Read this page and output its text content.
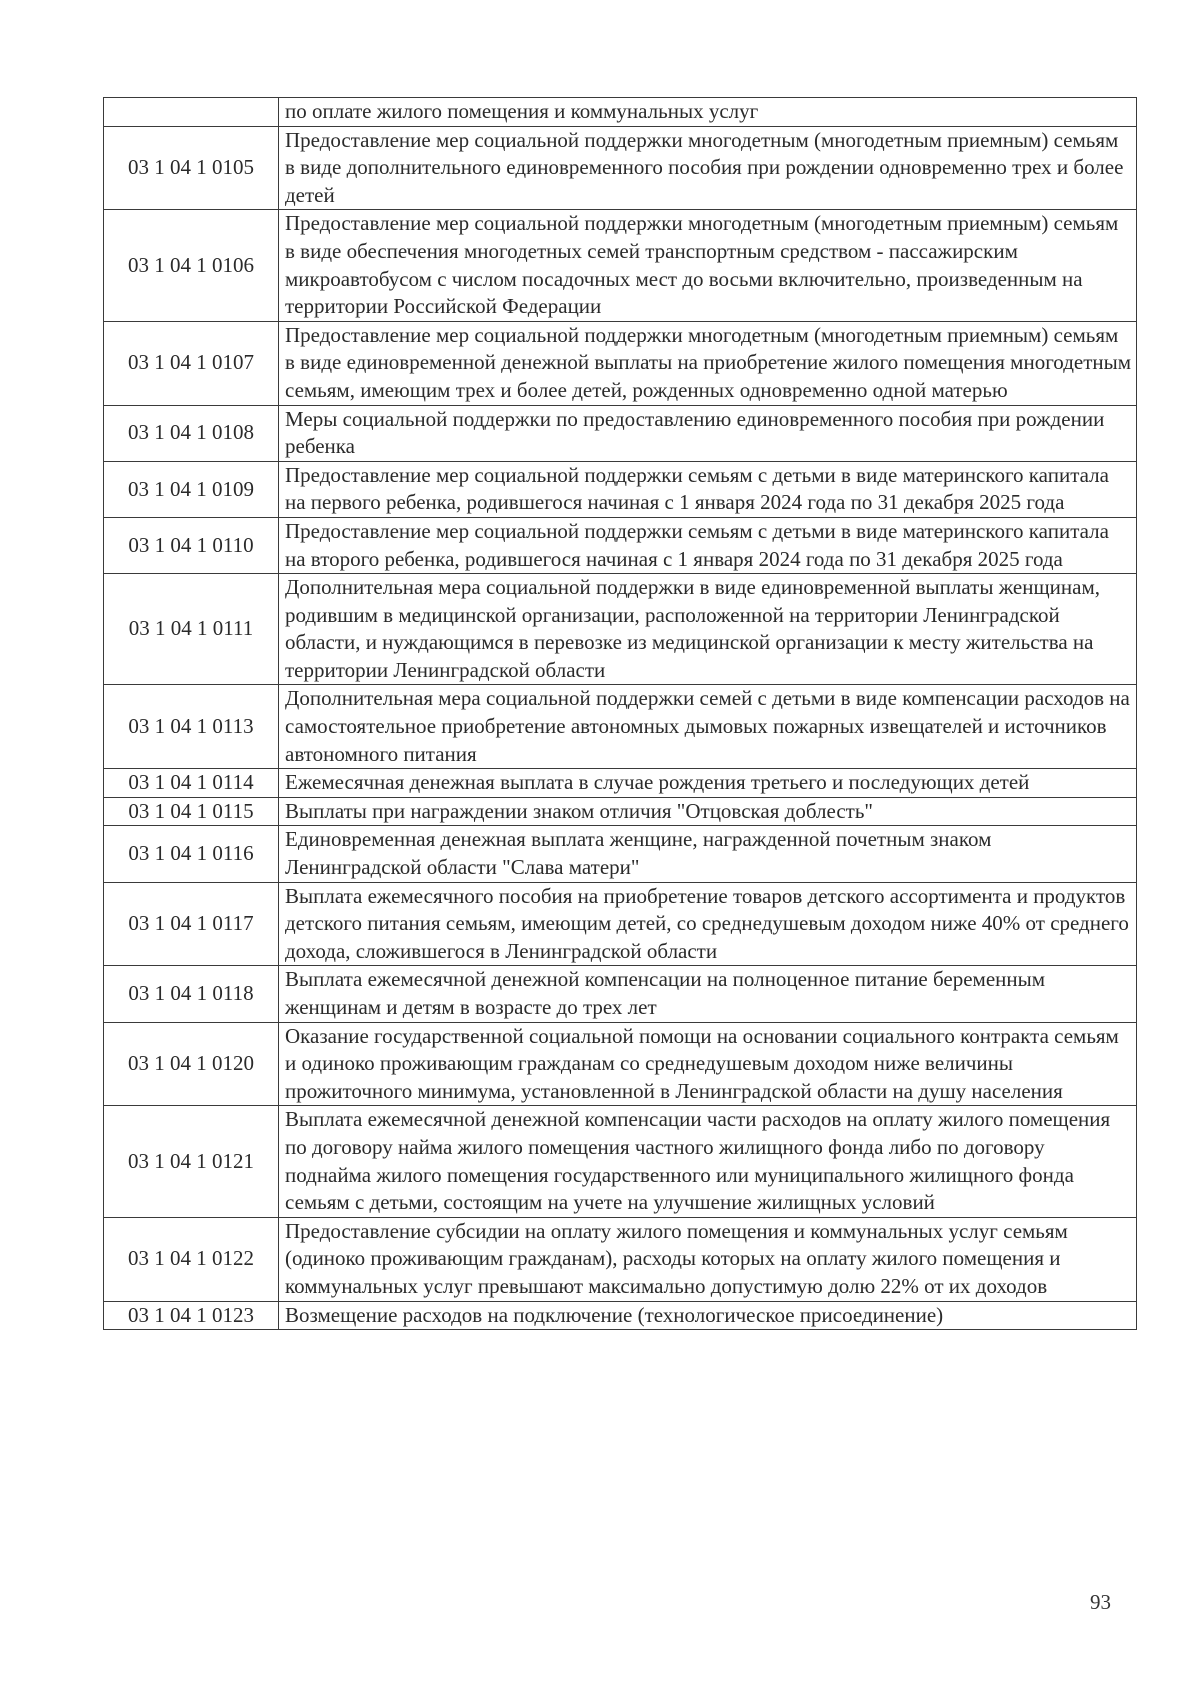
	по оплате жилого помещения и коммунальных услуг
03 1 04 1 0105	Предоставление мер социальной поддержки многодетным (многодетным приемным) семьям в виде дополнительного единовременного пособия при рождении одновременно трех и более детей
03 1 04 1 0106	Предоставление мер социальной поддержки многодетным (многодетным приемным) семьям в виде обеспечения многодетных семей транспортным средством - пассажирским микроавтобусом с числом посадочных мест до восьми включительно, произведенным на территории Российской Федерации
03 1 04 1 0107	Предоставление мер социальной поддержки многодетным (многодетным приемным) семьям в виде единовременной денежной выплаты на приобретение жилого помещения многодетным семьям, имеющим трех и более детей, рожденных одновременно одной матерью
03 1 04 1 0108	Меры социальной поддержки по предоставлению единовременного пособия при рождении ребенка
03 1 04 1 0109	Предоставление мер социальной поддержки семьям с детьми в виде материнского капитала на первого ребенка, родившегося начиная с 1 января 2024 года по 31 декабря 2025 года
03 1 04 1 0110	Предоставление мер социальной поддержки семьям с детьми в виде материнского капитала на второго ребенка, родившегося начиная с 1 января 2024 года по 31 декабря 2025 года
03 1 04 1 0111	Дополнительная мера социальной поддержки в виде единовременной выплаты женщинам, родившим в медицинской организации, расположенной на территории Ленинградской области, и нуждающимся в перевозке из медицинской организации к месту жительства на территории Ленинградской области
03 1 04 1 0113	Дополнительная мера социальной поддержки семей с детьми в виде компенсации расходов на самостоятельное приобретение автономных дымовых пожарных извещателей и источников автономного питания
03 1 04 1 0114	Ежемесячная денежная выплата в случае рождения третьего и последующих детей
03 1 04 1 0115	Выплаты при награждении знаком отличия "Отцовская доблесть"
03 1 04 1 0116	Единовременная денежная выплата женщине, награжденной почетным знаком Ленинградской области "Слава матери"
03 1 04 1 0117	Выплата ежемесячного пособия на приобретение товаров детского ассортимента и продуктов детского питания семьям, имеющим детей, со среднедушевым доходом ниже 40% от среднего дохода, сложившегося в Ленинградской области
03 1 04 1 0118	Выплата ежемесячной денежной компенсации на полноценное питание беременным женщинам и детям в возрасте до трех лет
03 1 04 1 0120	Оказание государственной социальной помощи на основании социального контракта семьям и одиноко проживающим гражданам со среднедушевым доходом ниже величины прожиточного минимума, установленной в Ленинградской области на душу населения
03 1 04 1 0121	Выплата ежемесячной денежной компенсации части расходов на оплату жилого помещения по договору найма жилого помещения частного жилищного фонда либо по договору поднайма жилого помещения государственного или муниципального жилищного фонда семьям с детьми, состоящим на учете на улучшение жилищных условий
03 1 04 1 0122	Предоставление субсидии на оплату жилого помещения и коммунальных услуг семьям (одиноко проживающим гражданам), расходы которых на оплату жилого помещения и коммунальных услуг превышают максимально допустимую долю 22% от их доходов
03 1 04 1 0123	Возмещение расходов на подключение (технологическое присоединение)
93
